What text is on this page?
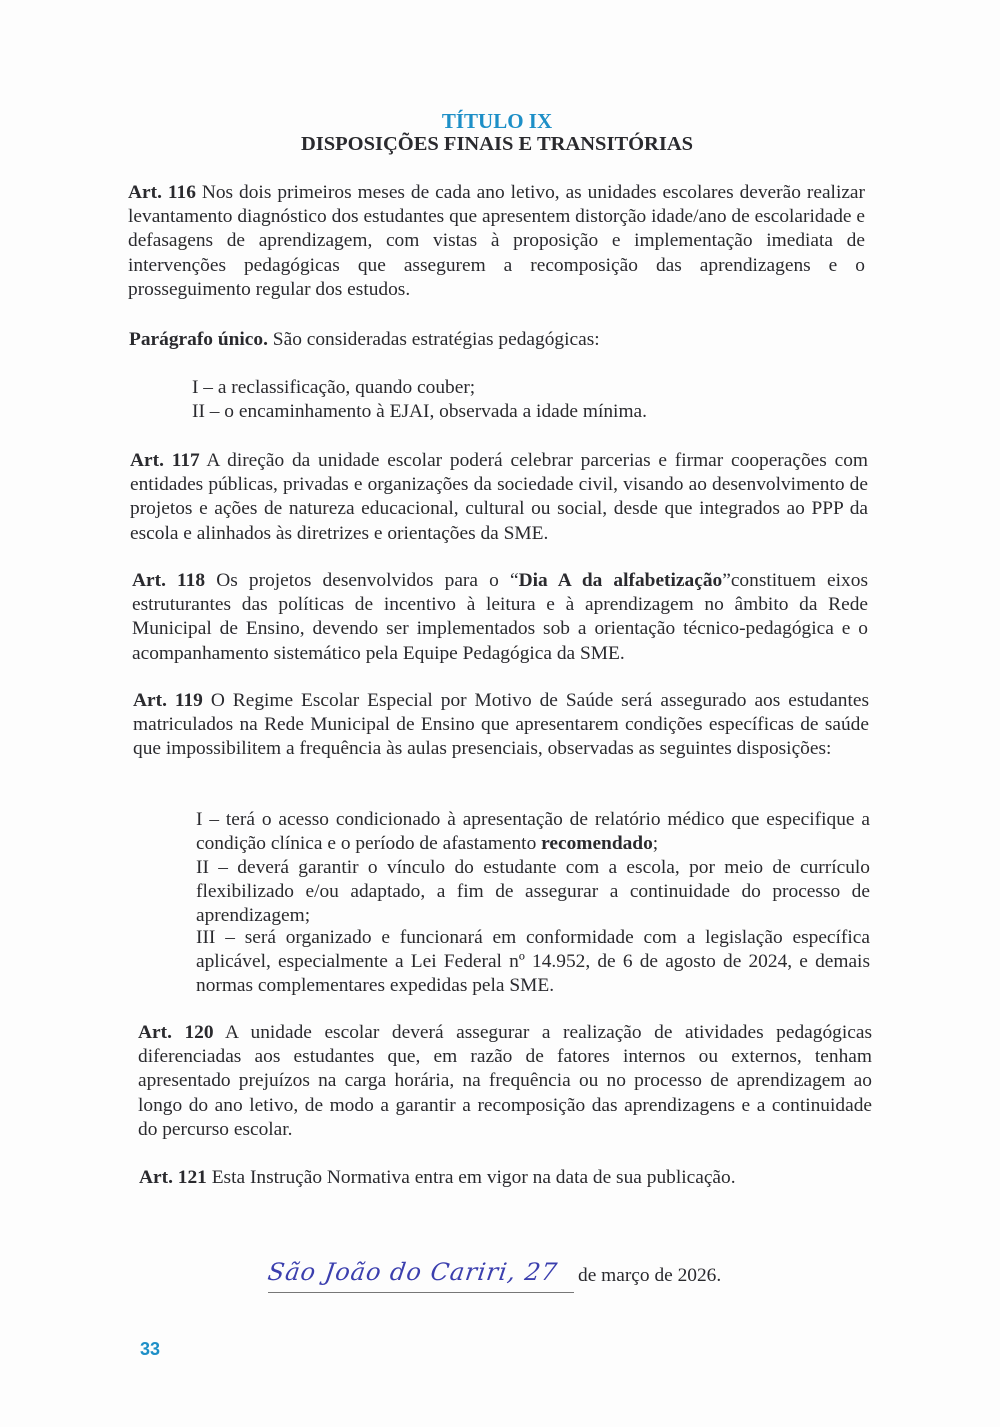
TÍTULO IX
DISPOSIÇÕES FINAIS E TRANSITÓRIAS

Art. 116 Nos dois primeiros meses de cada ano letivo, as unidades escolares deverão realizar levantamento diagnóstico dos estudantes que apresentem distorção idade/ano de escolaridade e defasagens de aprendizagem, com vistas à proposição e implementação imediata de intervenções pedagógicas que assegurem a recomposição das aprendizagens e o prosseguimento regular dos estudos.

Parágrafo único. São consideradas estratégias pedagógicas:

I – a reclassificação, quando couber;
II – o encaminhamento à EJAI, observada a idade mínima.

Art. 117 A direção da unidade escolar poderá celebrar parcerias e firmar cooperações com entidades públicas, privadas e organizações da sociedade civil, visando ao desenvolvimento de projetos e ações de natureza educacional, cultural ou social, desde que integrados ao PPP da escola e alinhados às diretrizes e orientações da SME.

Art. 118 Os projetos desenvolvidos para o “Dia A da alfabetização”constituem eixos estruturantes das políticas de incentivo à leitura e à aprendizagem no âmbito da Rede Municipal de Ensino, devendo ser implementados sob a orientação técnico-pedagógica e o acompanhamento sistemático pela Equipe Pedagógica da SME.

Art. 119 O Regime Escolar Especial por Motivo de Saúde será assegurado aos estudantes matriculados na Rede Municipal de Ensino que apresentarem condições específicas de saúde que impossibilitem a frequência às aulas presenciais, observadas as seguintes disposições:

I – terá o acesso condicionado à apresentação de relatório médico que especifique a condição clínica e o período de afastamento recomendado;

II – deverá garantir o vínculo do estudante com a escola, por meio de currículo flexibilizado e/ou adaptado, a fim de assegurar a continuidade do processo de aprendizagem;

III – será organizado e funcionará em conformidade com a legislação específica aplicável, especialmente a Lei Federal nº 14.952, de 6 de agosto de 2024, e demais normas complementares expedidas pela SME.

Art. 120 A unidade escolar deverá assegurar a realização de atividades pedagógicas diferenciadas aos estudantes que, em razão de fatores internos ou externos, tenham apresentado prejuízos na carga horária, na frequência ou no processo de aprendizagem ao longo do ano letivo, de modo a garantir a recomposição das aprendizagens e a continuidade do percurso escolar.

Art. 121 Esta Instrução Normativa entra em vigor na data de sua publicação.

São João do Cariri, 27 de março de 2026.
33
